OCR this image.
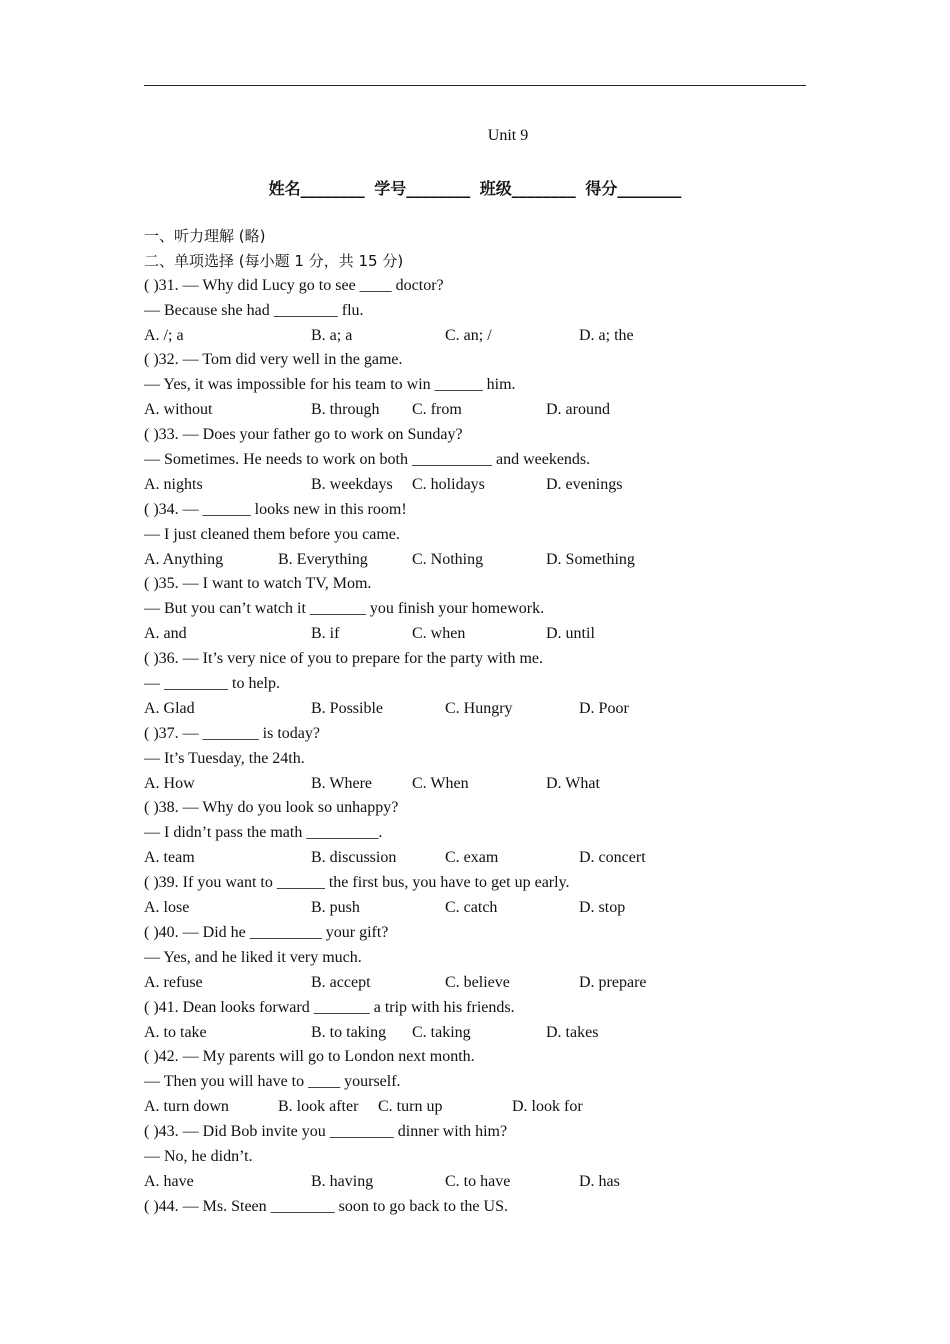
Unit 9
姓名________ 学号________ 班级________ 得分________
一、听力理解 (略)
二、单项选择 (每小题 1 分，共 15 分)
( )31. — Why did Lucy go to see ____ doctor?
— Because she had ________ flu.
A. /; a	B. a; a	C. an; /	D. a; the
( )32. — Tom did very well in the game.
— Yes, it was impossible for his team to win ______ him.
A. without	B. through C. from	D. around
( )33. — Does your father go to work on Sunday?
— Sometimes. He needs to work on both __________ and weekends.
A. nights	B. weekdays C. holidays	D. evenings
( )34. — ______ looks new in this room!
— I just cleaned them before you came.
A. Anything	B. Everything	C. Nothing	D. Something
( )35. — I want to watch TV, Mom.
— But you can’t watch it _______ you finish your homework.
A. and	B. if	C. when	D. until
( )36. — It’s very nice of you to prepare for the party with me.
— ________ to help.
A. Glad	B. Possible	C. Hungry	D. Poor
( )37. — _______ is today?
— It’s Tuesday, the 24th.
A. How	B. Where C. When	D. What
( )38. — Why do you look so unhappy?
— I didn’t pass the math _________.
A. team	B. discussion	C. exam	D. concert
( )39. If you want to ______ the first bus, you have to get up early.
A. lose	B. push	C. catch	D. stop
( )40. — Did he _________ your gift?
— Yes, and he liked it very much.
A. refuse	B. accept	C. believe	D. prepare
( )41. Dean looks forward _______ a trip with his friends.
A. to take	B. to taking C. taking	D. takes
( )42. — My parents will go to London next month.
— Then you will have to ____ yourself.
A. turn down	B. look after C. turn up	D. look for
( )43. — Did Bob invite you ________ dinner with him?
— No, he didn’t.
A. have	B. having	C. to have	D. has
( )44. — Ms. Steen ________ soon to go back to the US.
